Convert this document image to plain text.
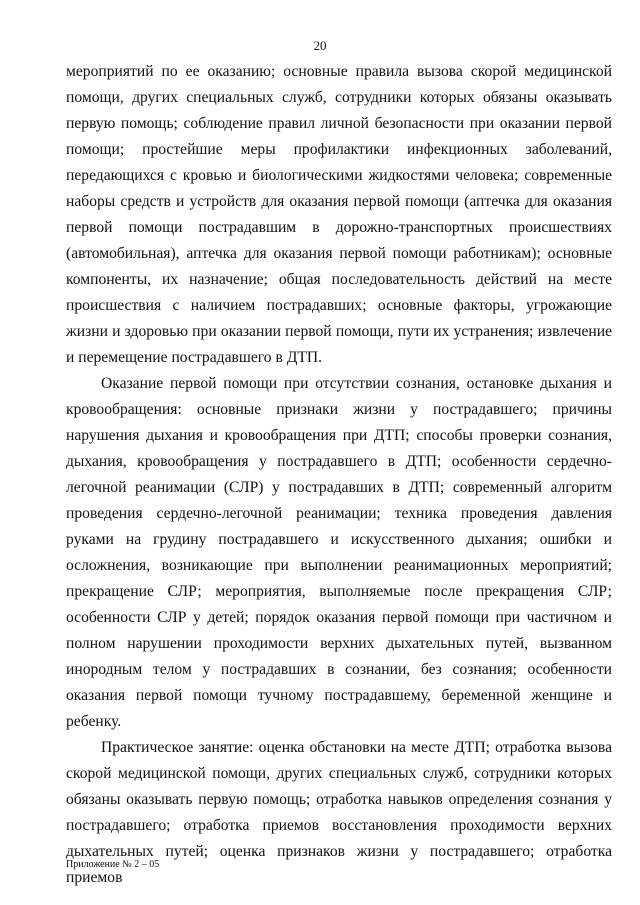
20

мероприятий по ее оказанию; основные правила вызова скорой медицинской помощи, других специальных служб, сотрудники которых обязаны оказывать первую помощь; соблюдение правил личной безопасности при оказании первой помощи; простейшие меры профилактики инфекционных заболеваний, передающихся с кровью и биологическими жидкостями человека; современные наборы средств и устройств для оказания первой помощи (аптечка для оказания первой помощи пострадавшим в дорожно-транспортных происшествиях (автомобильная), аптечка для оказания первой помощи работникам); основные компоненты, их назначение; общая последовательность действий на месте происшествия с наличием пострадавших; основные факторы, угрожающие жизни и здоровью при оказании первой помощи, пути их устранения; извлечение и перемещение пострадавшего в ДТП.

Оказание первой помощи при отсутствии сознания, остановке дыхания и кровообращения: основные признаки жизни у пострадавшего; причины нарушения дыхания и кровообращения при ДТП; способы проверки сознания, дыхания, кровообращения у пострадавшего в ДТП; особенности сердечно-легочной реанимации (СЛР) у пострадавших в ДТП; современный алгоритм проведения сердечно-легочной реанимации; техника проведения давления руками на грудину пострадавшего и искусственного дыхания; ошибки и осложнения, возникающие при выполнении реанимационных мероприятий; прекращение СЛР; мероприятия, выполняемые после прекращения СЛР; особенности СЛР у детей; порядок оказания первой помощи при частичном и полном нарушении проходимости верхних дыхательных путей, вызванном инородным телом у пострадавших в сознании, без сознания; особенности оказания первой помощи тучному пострадавшему, беременной женщине и ребенку.

Практическое занятие: оценка обстановки на месте ДТП; отработка вызова скорой медицинской помощи, других специальных служб, сотрудники которых обязаны оказывать первую помощь; отработка навыков определения сознания у пострадавшего; отработка приемов восстановления проходимости верхних дыхательных путей; оценка признаков жизни у пострадавшего; отработка приемов

Приложение № 2 – 05
